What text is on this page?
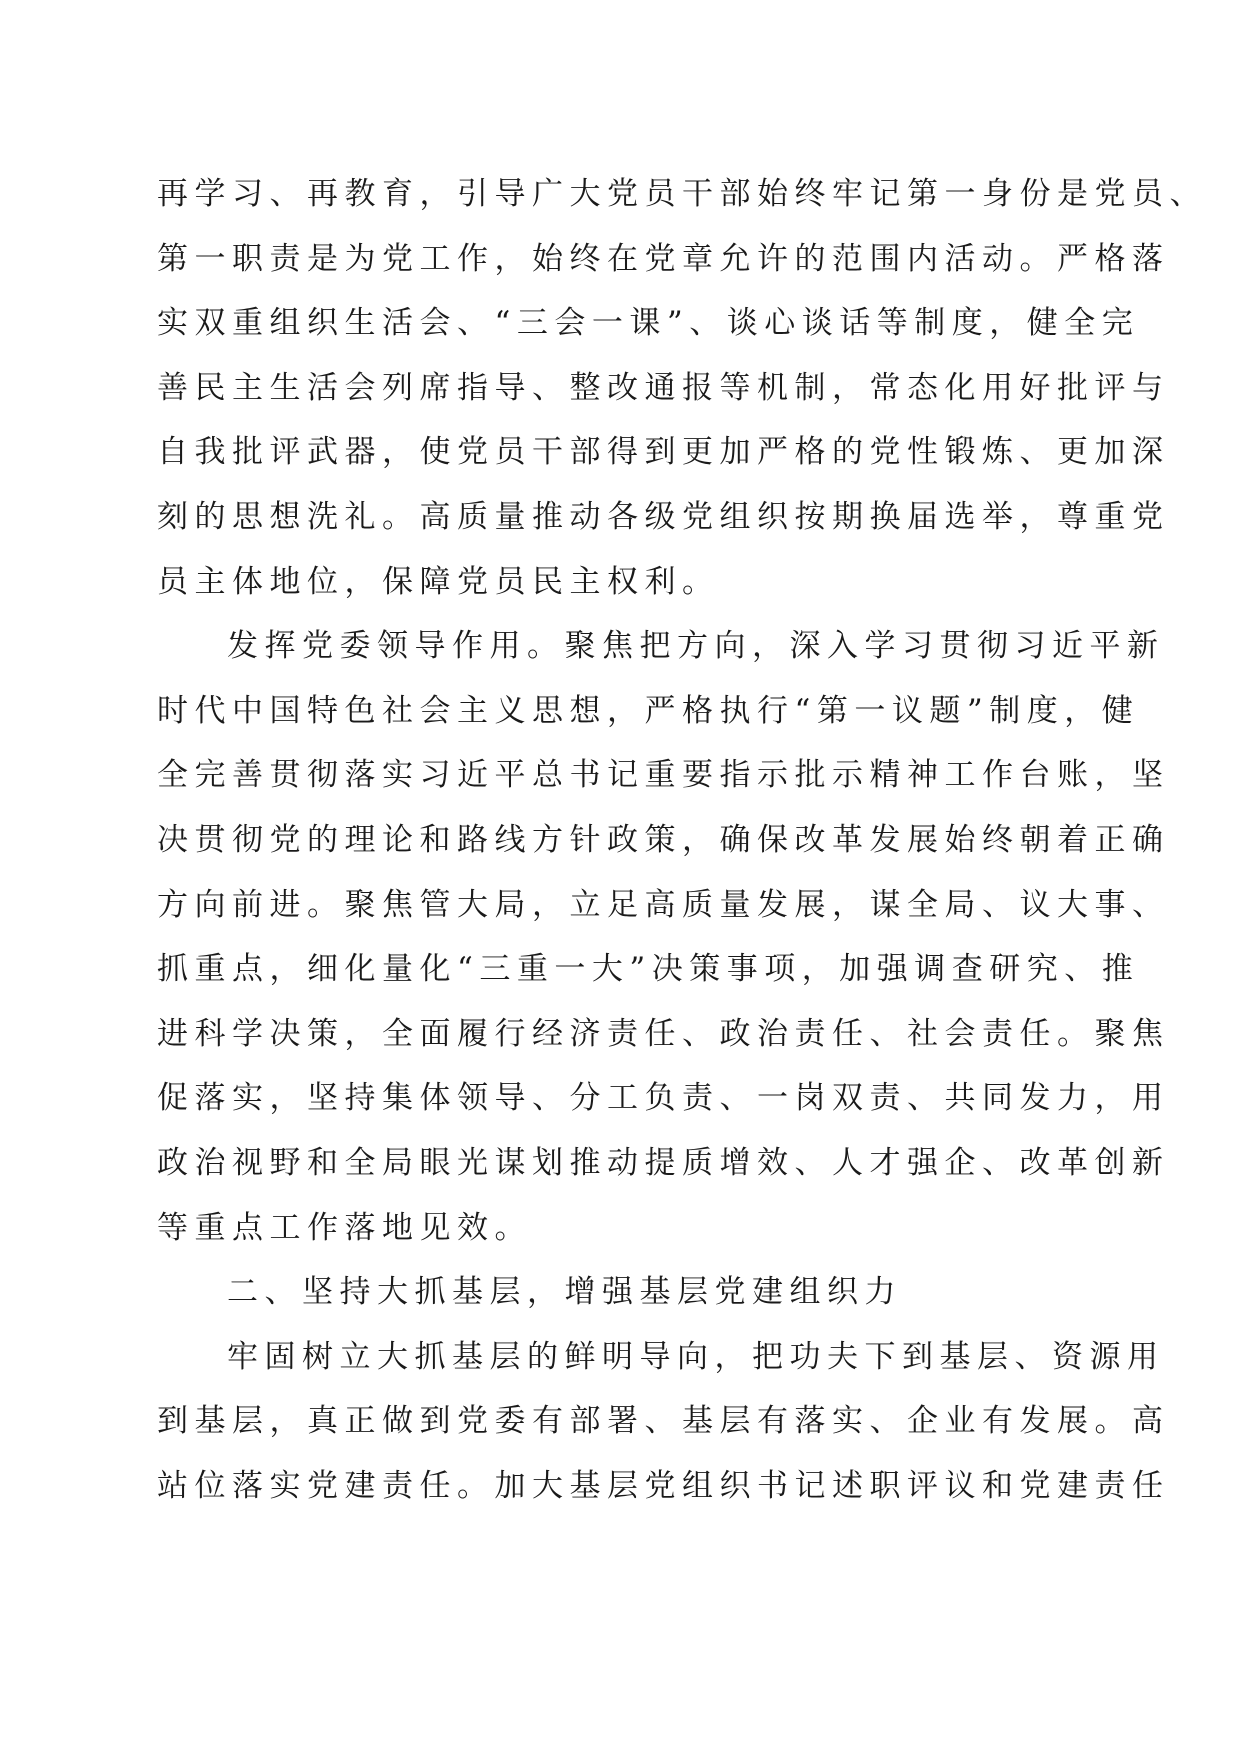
再学习、再教育，引导广大党员干部始终牢记第一身份是党员、
第一职责是为党工作，始终在党章允许的范围内活动。严格落
实双重组织生活会、“三会一课”、谈心谈话等制度，健全完
善民主生活会列席指导、整改通报等机制，常态化用好批评与
自我批评武器，使党员干部得到更加严格的党性锻炼、更加深
刻的思想洗礼。高质量推动各级党组织按期换届选举，尊重党
员主体地位，保障党员民主权利。
发挥党委领导作用。聚焦把方向，深入学习贯彻习近平新
时代中国特色社会主义思想，严格执行“第一议题”制度，健
全完善贯彻落实习近平总书记重要指示批示精神工作台账，坚
决贯彻党的理论和路线方针政策，确保改革发展始终朝着正确
方向前进。聚焦管大局，立足高质量发展，谋全局、议大事、
抓重点，细化量化“三重一大”决策事项，加强调查研究、推
进科学决策，全面履行经济责任、政治责任、社会责任。聚焦
促落实，坚持集体领导、分工负责、一岗双责、共同发力，用
政治视野和全局眼光谋划推动提质增效、人才强企、改革创新
等重点工作落地见效。
二、坚持大抓基层，增强基层党建组织力
牢固树立大抓基层的鲜明导向，把功夫下到基层、资源用
到基层，真正做到党委有部署、基层有落实、企业有发展。高
站位落实党建责任。加大基层党组织书记述职评议和党建责任
